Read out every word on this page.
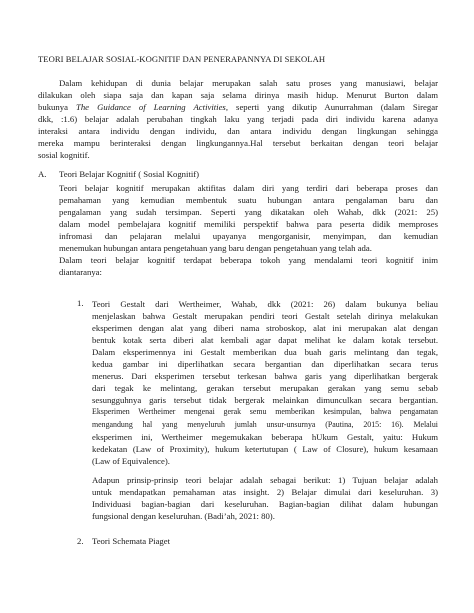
TEORI BELAJAR SOSIAL-KOGNITIF DAN PENERAPANNYA DI SEKOLAH
Dalam kehidupan di dunia belajar merupakan salah satu proses yang manusiawi, belajar
dilakukan oleh siapa saja dan kapan saja selama dirinya masih hidup. Menurut Burton dalam
bukunya The Guidance of Learning Activities, seperti yang dikutip Aunurrahman (dalam Siregar
dkk, :1.6) belajar adalah perubahan tingkah laku yang terjadi pada diri individu karena adanya
interaksi antara individu dengan individu, dan antara individu dengan lingkungan sehingga
mereka mampu berinteraksi dengan lingkungannya.Hal tersebut berkaitan dengan teori belajar
sosial kognitif.
A. Teori Belajar Kognitif ( Sosial Kognitif)
Teori belajar kognitif merupakan aktifitas dalam diri yang terdiri dari beberapa proses dan
pemahaman yang kemudian membentuk suatu hubungan antara pengalaman baru dan
pengalaman yang sudah tersimpan. Seperti yang dikatakan oleh Wahab, dkk (2021: 25)
dalam model pembelajara kognitif memiliki perspektif bahwa para peserta didik memproses
infromasi dan pelajaran melalui upayanya mengorganisir, menyimpan, dan kemudian
menemukan hubungan antara pengetahuan yang baru dengan pengetahuan yang telah ada.
Dalam teori belajar kognitif terdapat beberapa tokoh yang mendalami teori kognitif inim
diantaranya:
1. Teori Gestalt dari Wertheimer, Wahab, dkk (2021: 26) dalam bukunya beliau
menjelaskan bahwa Gestalt merupakan pendiri teori Gestalt setelah dirinya melakukan
eksperimen dengan alat yang diberi nama stroboskop, alat ini merupakan alat dengan
bentuk kotak serta diberi alat kembali agar dapat melihat ke dalam kotak tersebut.
Dalam eksperimennya ini Gestalt memberikan dua buah garis melintang dan tegak,
kedua gambar ini diperlihatkan secara bergantian dan diperlihatkan secara terus
menerus. Dari eksperimen tersebut terkesan bahwa garis yang diperlihatkan bergerak
dari tegak ke melintang, gerakan tersebut merupakan gerakan yang semu sebab
sesungguhnya garis tersebut tidak bergerak melainkan dimunculkan secara bergantian.
Eksperimen Wertheimer mengenai gerak semu memberikan kesimpulan, bahwa pengamatan
mengandung hal yang menyeluruh jumlah unsur-unsurnya (Pautina, 2015: 16). Melalui
eksperimen ini, Wertheimer megemukakan beberapa hUkum Gestalt, yaitu: Hukum
kedekatan (Law of Proximity), hukum ketertutupan ( Law of Closure), hukum kesamaan
(Law of Equivalence).
Adapun prinsip-prinsip teori belajar adalah sebagai berikut: 1) Tujuan belajar adalah
untuk mendapatkan pemahaman atas insight. 2) Belajar dimulai dari keseluruhan. 3)
Individuasi bagian-bagian dari keseluruhan. Bagian-bagian dilihat dalam hubungan
fungsional dengan keseluruhan. (Badi’ah, 2021: 80).
2. Teori Schemata Piaget
